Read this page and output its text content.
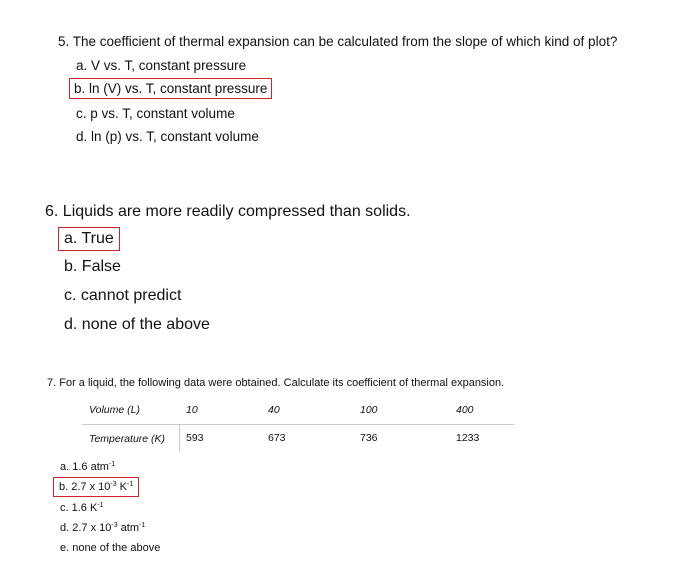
5. The coefficient of thermal expansion can be calculated from the slope of which kind of plot?
a. V vs. T, constant pressure
b. ln (V) vs. T, constant pressure
c. p vs. T, constant volume
d. ln (p) vs. T, constant volume
6. Liquids are more readily compressed than solids.
a. True
b. False
c. cannot predict
d. none of the above
7. For a liquid, the following data were obtained. Calculate its coefficient of thermal expansion.
Volume (L)	10	40	100	400
Temperature (K) 593	673	736	1233
a. 1.6 atm$^{-1}$
b. 2.7 x $10^{-3}$ $K^{-1}$
c. 1.6 $K^{-1}$
d. 2.7 x $10^{-3}$ atm$^{-1}$
e. none of the above
